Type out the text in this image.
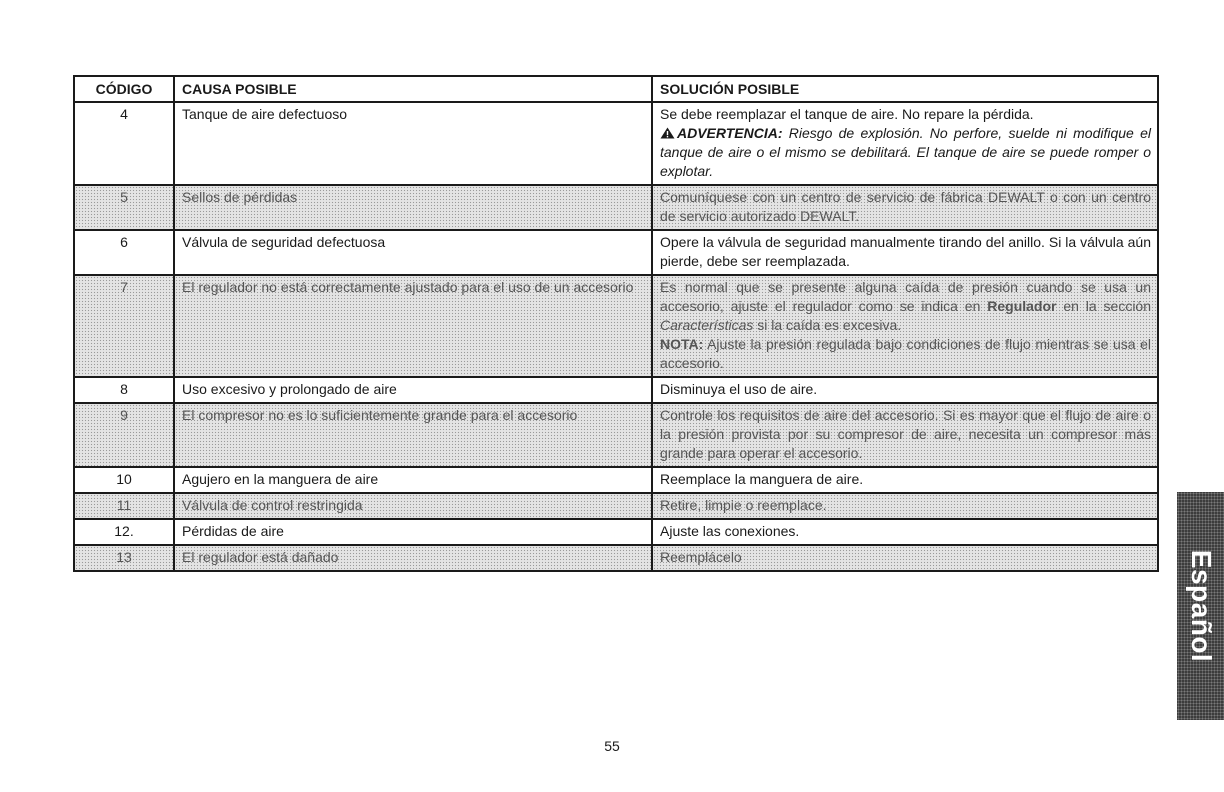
CÓDIGO	CAUSA POSIBLE	SOLUCIÓN POSIBLE
4	Tanque de aire defectuoso	Se debe reemplazar el tanque de aire. No repare la pérdida.
ADVERTENCIA: Riesgo de explosión. No perfore, suelde ni modifique el tanque de aire o el mismo se debilitará. El tanque de aire se puede romper o explotar.
5	Sellos de pérdidas	Comuníquese con un centro de servicio de fábrica DEWALT o con un centro de servicio autorizado DEWALT.
6	Válvula de seguridad defectuosa	Opere la válvula de seguridad manualmente tirando del anillo. Si la válvula aún pierde, debe ser reemplazada.
7	El regulador no está correctamente ajustado para el uso de un accesorio	Es normal que se presente alguna caída de presión cuando se usa un accesorio, ajuste el regulador como se indica en Regulador en la sección Características si la caída es excesiva.
NOTA: Ajuste la presión regulada bajo condiciones de flujo mientras se usa el accesorio.
8	Uso excesivo y prolongado de aire	Disminuya el uso de aire.
9	El compresor no es lo suficientemente grande para el accesorio	Controle los requisitos de aire del accesorio. Si es mayor que el flujo de aire o la presión provista por su compresor de aire, necesita un compresor más grande para operar el accesorio.
10	Agujero en la manguera de aire	Reemplace la manguera de aire.
11	Válvula de control restringida	Retire, limpie o reemplace.
12.	Pérdidas de aire	Ajuste las conexiones.
13	El regulador está dañado	Reemplácelo
55
Español
